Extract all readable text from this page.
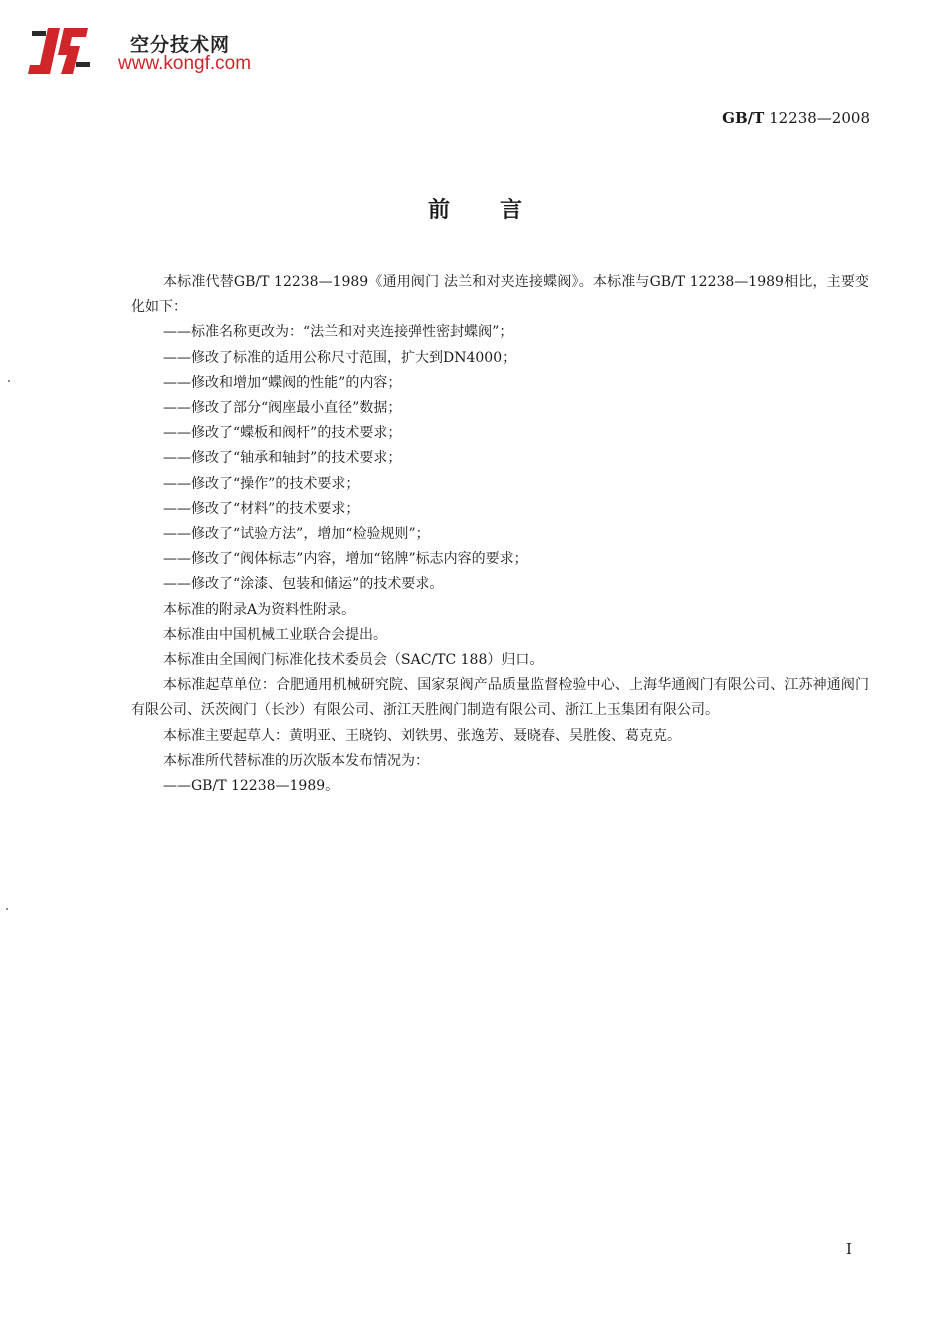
空分技术网
www.kongf.com
GB/T 12238—2008
前言

本标准代替GB/T 12238—1989《通用阀门 法兰和对夹连接蝶阀》。本标准与GB/T 12238—1989相比，主要变化如下：

——标准名称更改为：“法兰和对夹连接弹性密封蝶阀”；
——修改了标准的适用公称尺寸范围，扩大到DN4000；
——修改和增加“蝶阀的性能”的内容；
——修改了部分“阀座最小直径”数据；
——修改了“蝶板和阀杆”的技术要求；
——修改了“轴承和轴封”的技术要求；
——修改了“操作”的技术要求；
——修改了“材料”的技术要求；
——修改了“试验方法”，增加“检验规则”；
——修改了“阀体标志”内容，增加“铭牌”标志内容的要求；
——修改了“涂漆、包装和储运”的技术要求。

本标准的附录A为资料性附录。

本标准由中国机械工业联合会提出。

本标准由全国阀门标准化技术委员会（SAC/TC 188）归口。

本标准起草单位：合肥通用机械研究院、国家泵阀产品质量监督检验中心、上海华通阀门有限公司、江苏神通阀门有限公司、沃茨阀门（长沙）有限公司、浙江天胜阀门制造有限公司、浙江上玉集团有限公司。

本标准主要起草人：黄明亚、王晓钧、刘铁男、张逸芳、聂晓春、吴胜俊、葛克克。

本标准所代替标准的历次版本发布情况为：

——GB/T 12238—1989。
I
